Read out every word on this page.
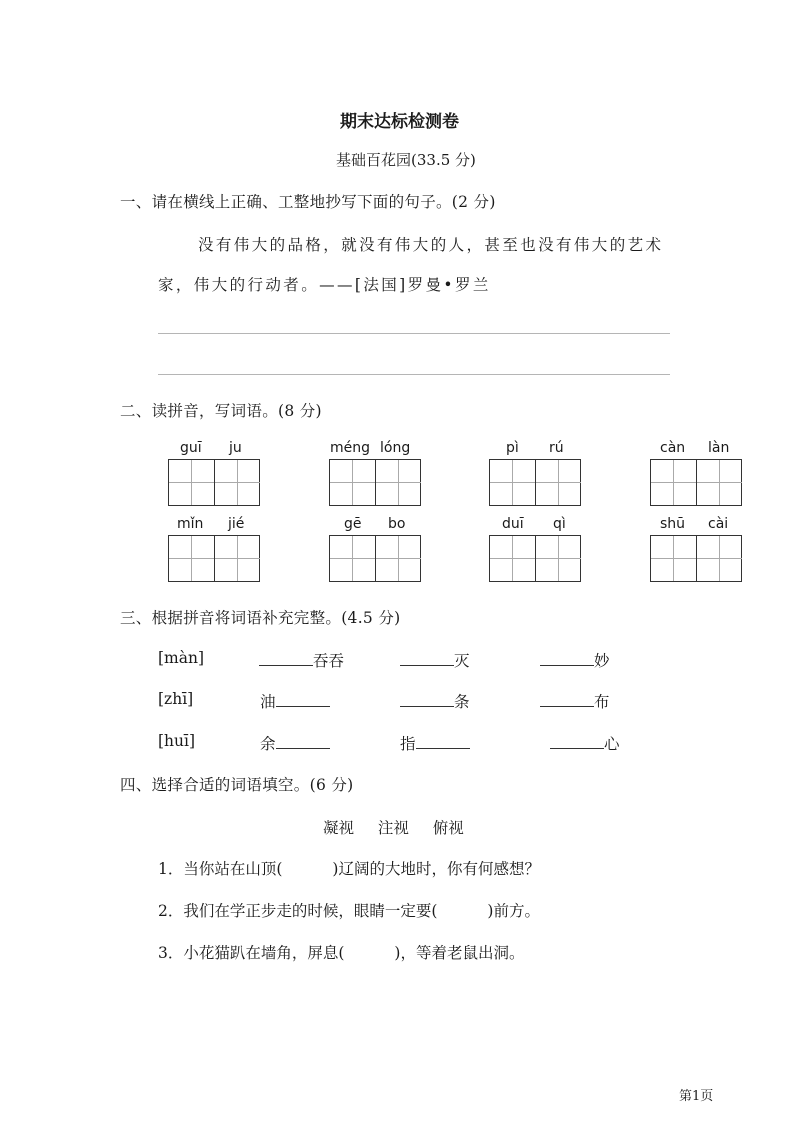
期末达标检测卷
基础百花园(33.5 分)
一、请在横线上正确、工整地抄写下面的句子。(2 分)
没有伟大的品格，就没有伟大的人，甚至也没有伟大的艺术
家，伟大的行动者。——[法国]罗曼•罗兰
二、读拼音，写词语。(8 分)
guī ju	méng lóng	pì rú	càn làn
mǐn jié	gē bo	duī qì	shū cài
三、根据拼音将词语补充完整。(4.5 分)
[màn]	吞吞	灭	妙
[zhī]	油	条	布
[huī]	余	指	心
四、选择合适的词语填空。(6 分)
凝视 注视 俯视
1．当你站在山顶(	)辽阔的大地时，你有何感想？
2．我们在学正步走的时候，眼睛一定要(	)前方。
3．小花猫趴在墙角，屏息(	)，等着老鼠出洞。
第1页
